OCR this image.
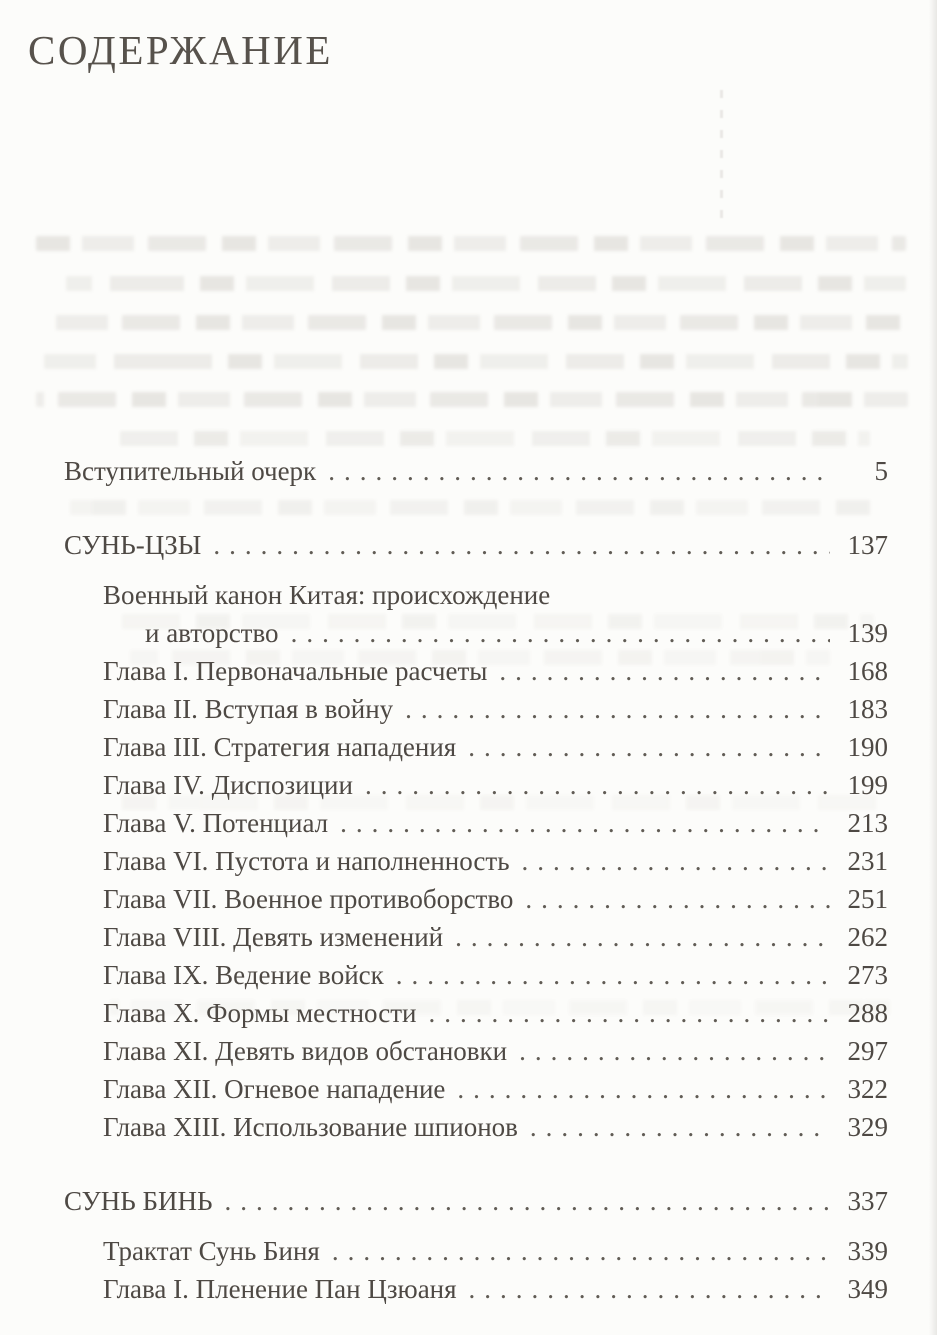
СОДЕРЖАНИЕ
Вступительный очерк .....	5
СУНЬ-ЦЗЫ .....	137
Военный канон Китая: происхождение
и авторство .....	139
Глава I. Первоначальные расчеты .....	168
Глава II. Вступая в войну .....	183
Глава III. Стратегия нападения .....	190
Глава IV. Диспозиции .....	199
Глава V. Потенциал .....	213
Глава VI. Пустота и наполненность .....	231
Глава VII. Военное противоборство .....	251
Глава VIII. Девять изменений .....	262
Глава IX. Ведение войск .....	273
Глава X. Формы местности .....	288
Глава XI. Девять видов обстановки .....	297
Глава XII. Огневое нападение .....	322
Глава XIII. Использование шпионов .....	329
СУНЬ БИНЬ .....	337
Трактат Сунь Биня .....	339
Глава I. Пленение Пан Цзюаня .....	349
